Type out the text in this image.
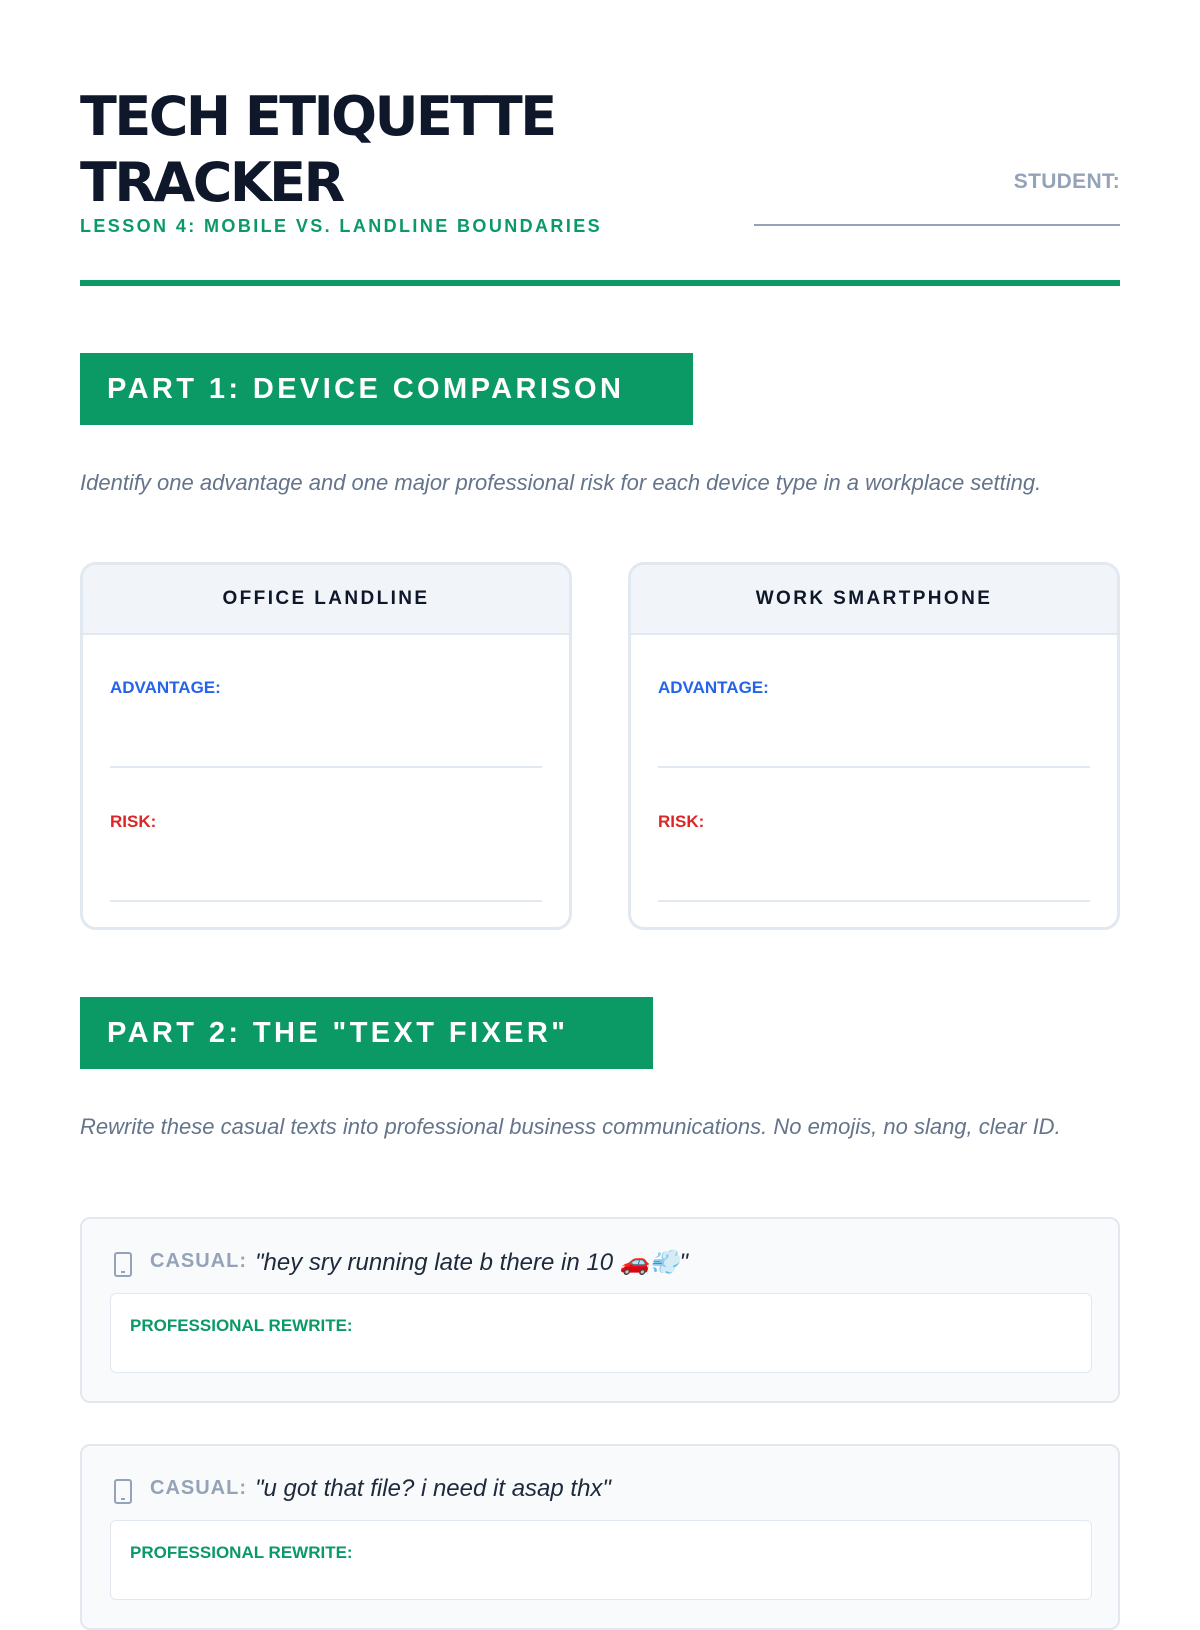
TECH ETIQUETTE TRACKER
LESSON 4: MOBILE VS. LANDLINE BOUNDARIES
STUDENT:
PART 1: DEVICE COMPARISON

Identify one advantage and one major professional risk for each device type in a workplace setting.

OFFICE LANDLINE
ADVANTAGE:
RISK:
WORK SMARTPHONE
ADVANTAGE:
RISK:
PART 2: THE "TEXT FIXER"

Rewrite these casual texts into professional business communications. No emojis, no slang, clear ID.

CASUAL: "hey sry running late b there in 10 🚗💨"
PROFESSIONAL REWRITE:
CASUAL: "u got that file? i need it asap thx"
PROFESSIONAL REWRITE:
